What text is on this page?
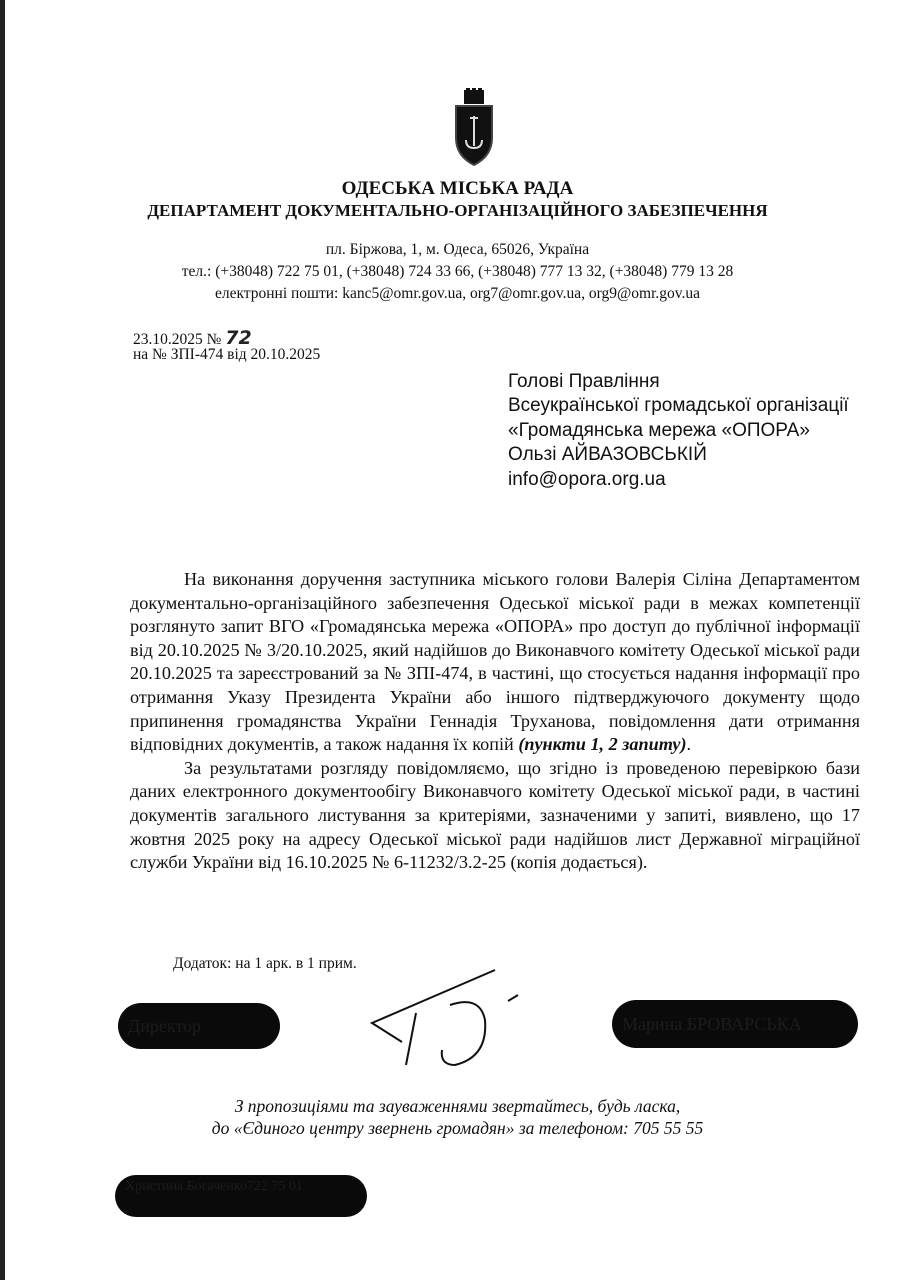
ОДЕСЬКА МІСЬКА РАДА
ДЕПАРТАМЕНТ ДОКУМЕНТАЛЬНО-ОРГАНІЗАЦІЙНОГО ЗАБЕЗПЕЧЕННЯ
пл. Біржова, 1, м. Одеса, 65026, Україна
тел.: (+38048) 722 75 01, (+38048) 724 33 66, (+38048) 777 13 32, (+38048) 779 13 28
електронні пошти: kanc5@omr.gov.ua, org7@omr.gov.ua, org9@omr.gov.ua
23.10.2025 № 72
на № ЗПІ-474 від 20.10.2025
Голові Правління
Всеукраїнської громадської організації
«Громадянська мережа «ОПОРА»
Ользі АЙВАЗОВСЬКІЙ
info@opora.org.ua

На виконання доручення заступника міського голови Валерія Сіліна Департаментом документально-організаційного забезпечення Одеської міської ради в межах компетенції розглянуто запит ВГО «Громадянська мережа «ОПОРА» про доступ до публічної інформації від 20.10.2025 № 3/20.10.2025, який надійшов до Виконавчого комітету Одеської міської ради 20.10.2025 та зареєстрований за № ЗПІ-474, в частині, що стосується надання інформації про отримання Указу Президента України або іншого підтверджуючого документу щодо припинення громадянства України Геннадія Труханова, повідомлення дати отримання відповідних документів, а також надання їх копій (пункти 1, 2 запиту).

За результатами розгляду повідомляємо, що згідно із проведеною перевіркою бази даних електронного документообігу Виконавчого комітету Одеської міської ради, в частині документів загального листування за критеріями, зазначеними у запиті, виявлено, що 17 жовтня 2025 року на адресу Одеської міської ради надійшов лист Державної міграційної служби України від 16.10.2025 № 6-11232/3.2-25 (копія додається).

Додаток: на 1 арк. в 1 прим.
Директор	Марина БРОВАРСЬКА
З пропозиціями та зауваженнями звертайтесь, будь ласка,
до «Єдиного центру звернень громадян» за телефоном: 705 55 55
Христина Богаченко722 75 01
